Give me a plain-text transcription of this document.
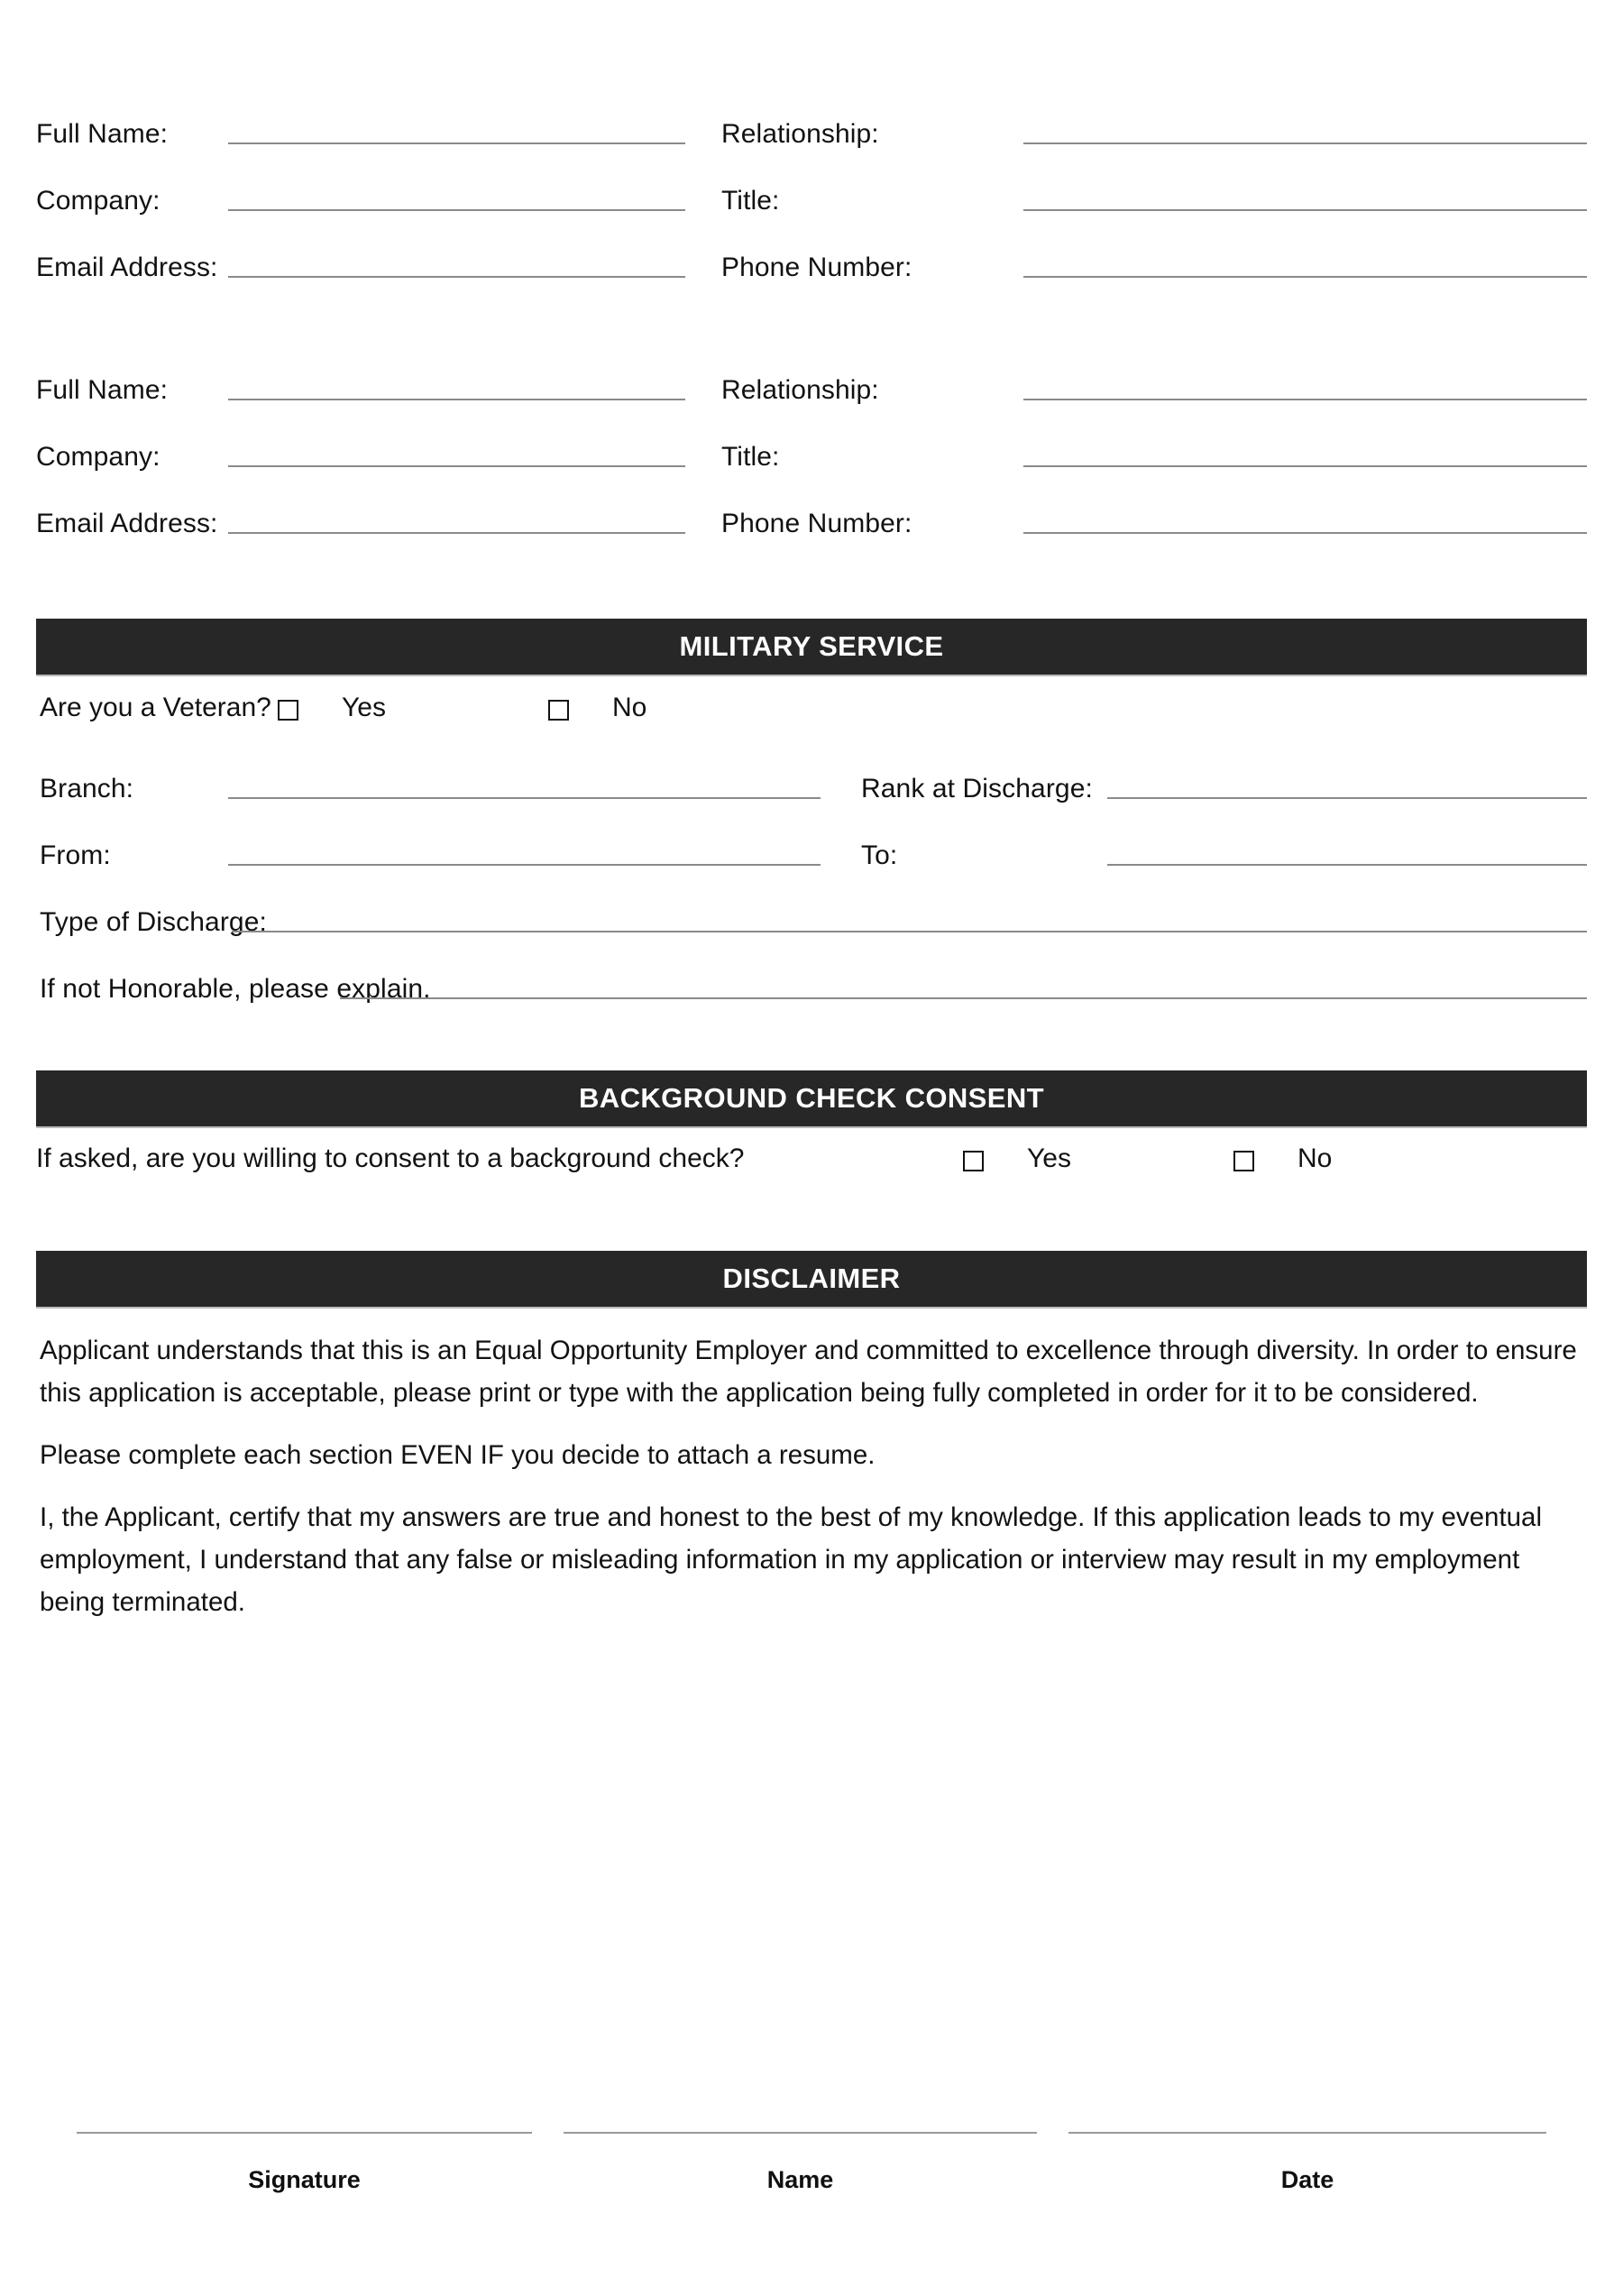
Full Name:	Relationship:
Company:	Title:
Email Address:	Phone Number:
Full Name:	Relationship:
Company:	Title:
Email Address:	Phone Number:
MILITARY SERVICE
Are you a Veteran?	Yes	No
Branch:	Rank at Discharge:
From:	To:
Type of Discharge:
If not Honorable, please explain.
BACKGROUND CHECK CONSENT
If asked, are you willing to consent to a background check?	Yes	No
DISCLAIMER

Applicant understands that this is an Equal Opportunity Employer and committed to excellence through diversity. In order to ensure this application is acceptable, please print or type with the application being fully completed in order for it to be considered.

Please complete each section EVEN IF you decide to attach a resume.

I, the Applicant, certify that my answers are true and honest to the best of my knowledge. If this application leads to my eventual employment, I understand that any false or misleading information in my application or interview may result in my employment being terminated.

Signature	Name	Date
